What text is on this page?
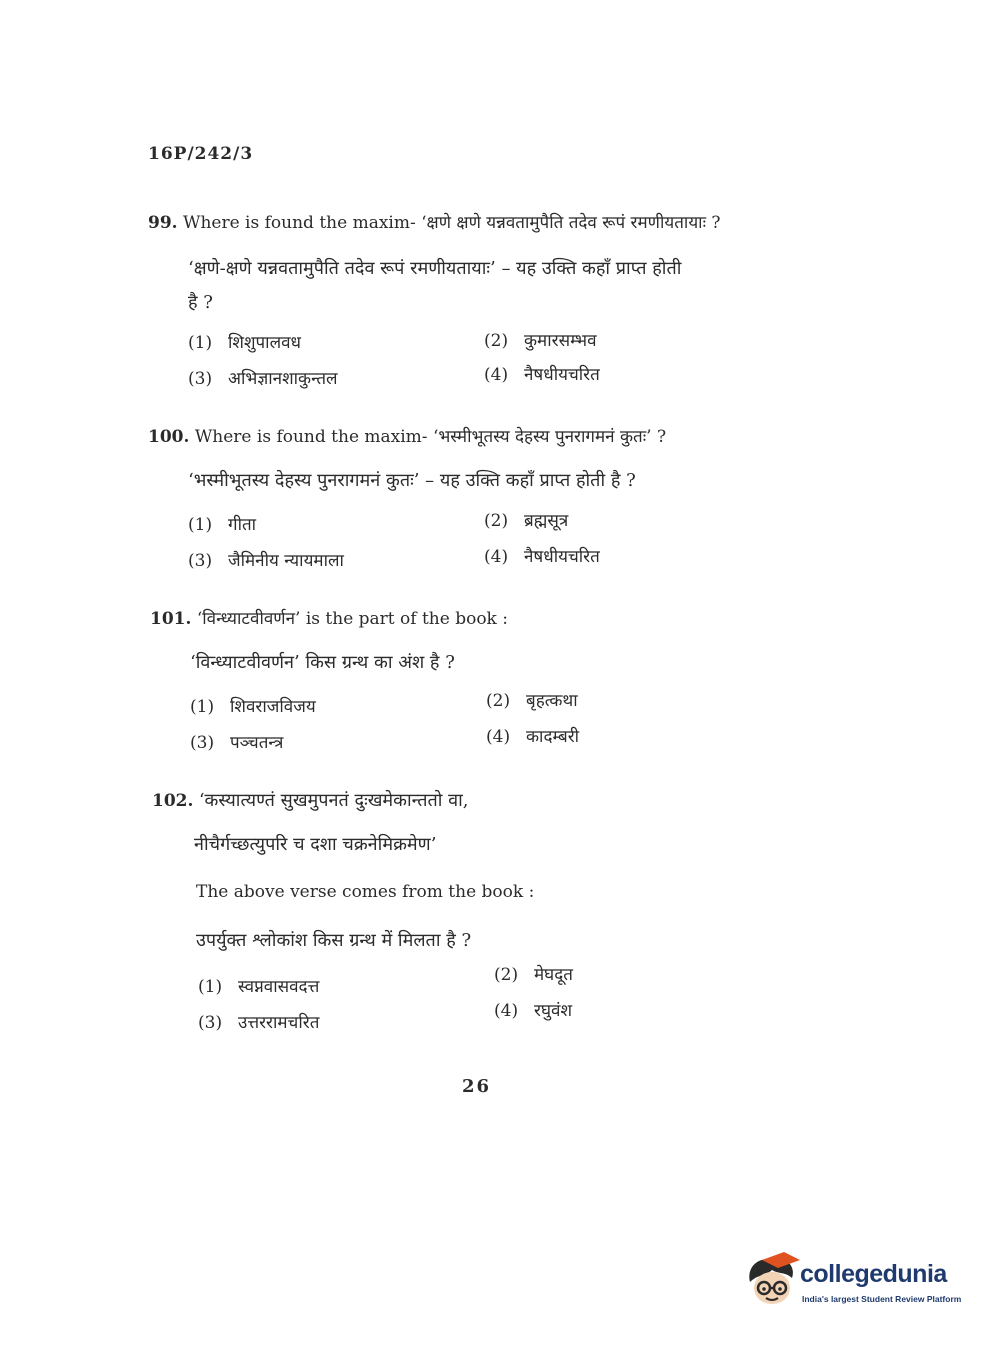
16P/242/3
99. Where is found the maxim- ‘क्षणे क्षणे यन्नवतामुपैति तदेव रूपं रमणीयतायाः ?
‘क्षणे-क्षणे यन्नवतामुपैति तदेव रूपं रमणीयतायाः’ – यह उक्ति कहाँ प्राप्त होती
है ?
(1) शिशुपालवध	(2) कुमारसम्भव
(3) अभिज्ञानशाकुन्तल	(4) नैषधीयचरित
100. Where is found the maxim- ‘भस्मीभूतस्य देहस्य पुनरागमनं कुतः’ ?
‘भस्मीभूतस्य देहस्य पुनरागमनं कुतः’ – यह उक्ति कहाँ प्राप्त होती है ?
(1) गीता	(2) ब्रह्मसूत्र
(3) जैमिनीय न्यायमाला	(4) नैषधीयचरित
101. ‘विन्ध्याटवीवर्णन’ is the part of the book :
‘विन्ध्याटवीवर्णन’ किस ग्रन्थ का अंश है ?
(1) शिवराजविजय	(2) बृहत्कथा
(3) पञ्चतन्त्र	(4) कादम्बरी
102. ‘कस्यात्यण्तं सुखमुपनतं दुःखमेकान्ततो वा,
नीचैर्गच्छत्युपरि च दशा चक्रनेमिक्रमेण’
The above verse comes from the book :
उपर्युक्त श्लोकांश किस ग्रन्थ में मिलता है ?
(1) स्वप्नवासवदत्त
(2) मेघदूत
(3) उत्तररामचरित
(4) रघुवंश
26
collegedunia
India's largest Student Review Platform
